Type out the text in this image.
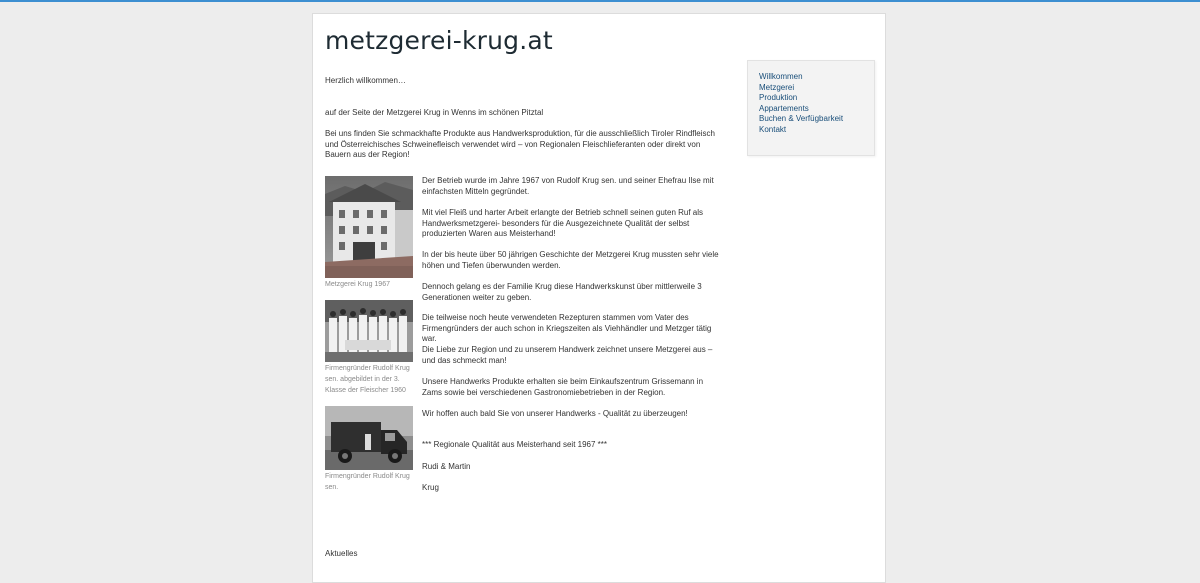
metzgerei-krug.at

Herzlich willkommen…

auf der Seite der Metzgerei Krug in Wenns im schönen Pitztal

Bei uns finden Sie schmackhafte Produkte aus Handwerksproduktion, für die ausschließlich Tiroler Rindfleisch und Österreichisches Schweinefleisch verwendet wird – von Regionalen Fleischlieferanten oder direkt von Bauern aus der Region!

Metzgerei Krug 1967
Firmengründer Rudolf Krug sen. abgebildet in der 3. Klasse der Fleischer 1960
Firmengründer Rudolf Krug sen.

Der Betrieb wurde im Jahre 1967 von Rudolf Krug sen. und seiner Ehefrau Ilse mit einfachsten Mitteln gegründet.

Mit viel Fleiß und harter Arbeit erlangte der Betrieb schnell seinen guten Ruf als Handwerksmetzgerei- besonders für die Ausgezeichnete Qualität der selbst produzierten Waren aus Meisterhand!

In der bis heute über 50 jährigen Geschichte der Metzgerei Krug mussten sehr viele höhen und Tiefen überwunden werden.

Dennoch gelang es der Familie Krug diese Handwerkskunst über mittlerweile 3 Generationen weiter zu geben.

Die teilweise noch heute verwendeten Rezepturen stammen vom Vater des Firmengründers der auch schon in Kriegszeiten als Viehhändler und Metzger tätig war.

Die Liebe zur Region und zu unserem Handwerk zeichnet unsere Metzgerei aus – und das schmeckt man!

Unsere Handwerks Produkte erhalten sie beim Einkaufszentrum Grissemann in Zams sowie bei verschiedenen Gastronomiebetrieben in der Region.

Wir hoffen auch bald Sie von unserer Handwerks - Qualität zu überzeugen!

*** Regionale Qualität aus Meisterhand seit 1967 ***

Rudi & Martin

Krug

Aktuelles
Willkommen
Metzgerei
Produktion
Appartements
Buchen & Verfügbarkeit
Kontakt
